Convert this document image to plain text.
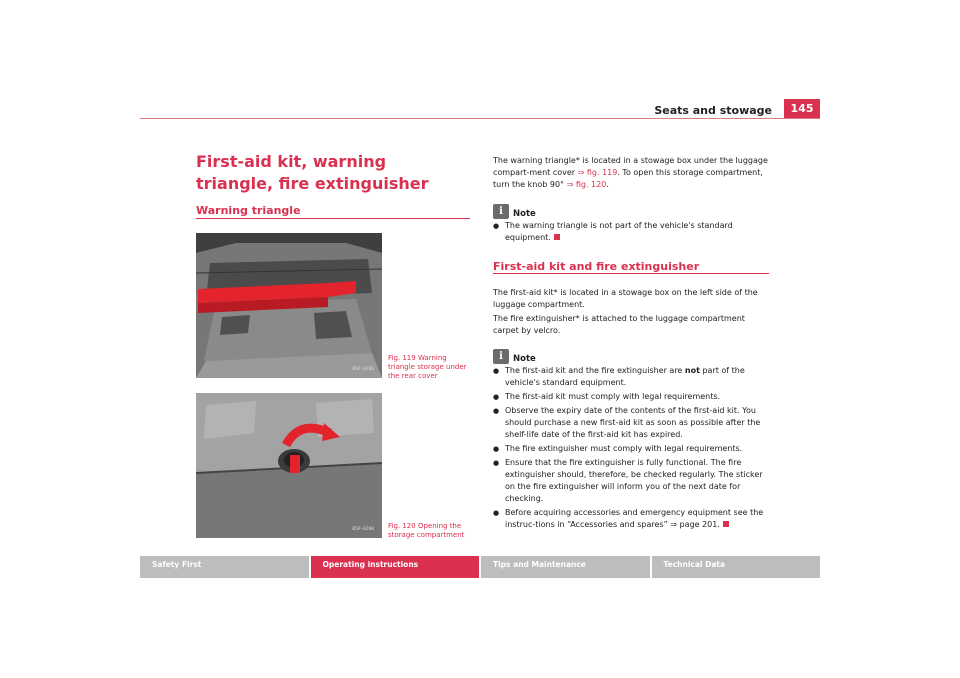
Seats and stowage	145
First-aid kit, warning triangle, fire extinguisher
Warning triangle
B5P-0206
Fig. 119 Warning triangle storage under the rear cover
B5P-0200 Fig. 120 Opening the storage compartment
The warning triangle* is located in a stowage box under the luggage compart-ment cover ⇒ fig. 119. To open this storage compartment, turn the knob 90° ⇒ fig. 120.
i	Note
● The warning triangle is not part of the vehicle's standard equipment.
First-aid kit and fire extinguisher
The first-aid kit* is located in a stowage box on the left side of the luggage compartment.
The fire extinguisher* is attached to the luggage compartment carpet by velcro.
i	Note
● The first-aid kit and the fire extinguisher are not part of the vehicle's standard equipment.
● The first-aid kit must comply with legal requirements.
● Observe the expiry date of the contents of the first-aid kit. You should purchase a new first-aid kit as soon as possible after the shelf-life date of the first-aid kit has expired.
● The fire extinguisher must comply with legal requirements.
● Ensure that the fire extinguisher is fully functional. The fire extinguisher should, therefore, be checked regularly. The sticker on the fire extinguisher will inform you of the next date for checking.
● Before acquiring accessories and emergency equipment see the instruc-tions in “Accessories and spares” ⇒ page 201.
Safety First	Operating instructions	Tips and Maintenance	Technical Data
